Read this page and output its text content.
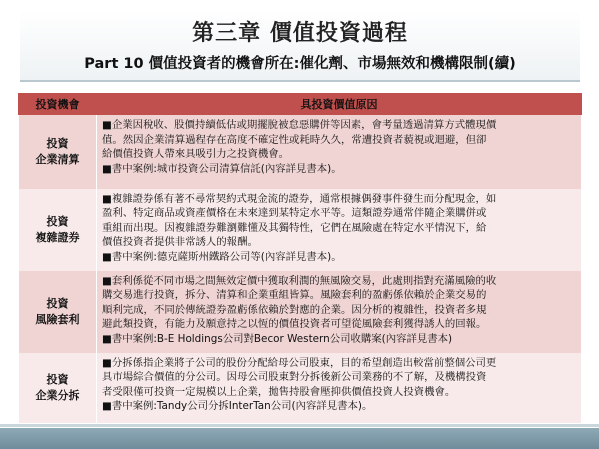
第三章 價值投資過程
Part 10 價值投資者的機會所在:催化劑、市場無效和機構限制(續)
投資機會	具投資價值原因

投資
企業清算	■企業因稅收、股價持續低估或期擺脫被怠惡購併等因素，會考量透過清算方式體現價
值。然因企業清算過程存在高度不確定性或耗時久久，常遭投資者藐視或迴避，但卻
給價值投資人帶來具吸引力之投資機會。
■書中案例:城市投資公司清算信託(內容詳見書本)。

投資
複雜證券	■複雜證券係有著不尋常契約式現金流的證券，通常根據偶發事件發生而分配現金，如
盈利、特定商品或資產價格在未來達到某特定水平等。這類證券通常伴隨企業購併或
重組而出現。因複雜證券難瀏難懂及其獨特性，它們在風險處在特定水平情況下，給
價值投資者提供非常誘人的報酬。
■書中案例:德克薩斯州鐵路公司等(內容詳見書本)。

投資
風險套利	■套利係從不同市場之間無效定價中獲取利潤的無風險交易，此處則指對充滿風險的收
購交易進行投資，拆分、清算和企業重組皆算。風險套利的盈虧係依賴於企業交易的
順利完成，不同於傳統證券盈虧係依賴於對應的企業。因分析的複雜性，投資者多規
避此類投資，有能力及願意持之以恆的價值投資者可望從風險套利獲得誘人的回報。
■書中案例:B-E Holdings公司對Becor Western公司收購案(內容詳見書本)

投資
企業分拆	■分拆係指企業將子公司的股份分配給母公司股東，目的希望創造出較當前整個公司更
具市場綜合價值的分公司。因母公司股東對分拆後新公司業務的不了解，及機構投資
者受限僅可投資一定規模以上企業，拋售持股會壓抑供價值投資人投資機會。
■書中案例:Tandy公司分拆InterTan公司(內容詳見書本)。
